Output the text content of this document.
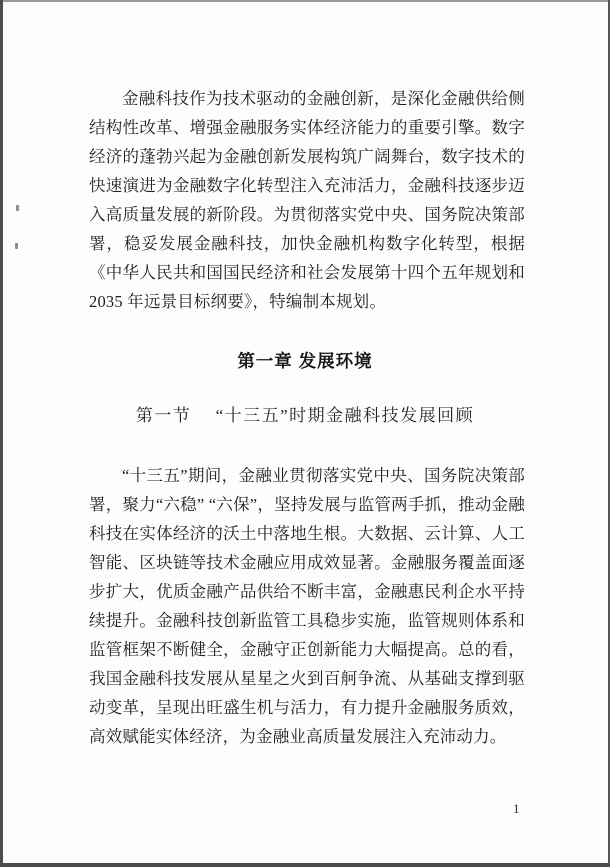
金融科技作为技术驱动的金融创新，是深化金融供给侧结构性改革、增强金融服务实体经济能力的重要引擎。数字经济的蓬勃兴起为金融创新发展构筑广阔舞台，数字技术的快速演进为金融数字化转型注入充沛活力，金融科技逐步迈入高质量发展的新阶段。为贯彻落实党中央、国务院决策部署，稳妥发展金融科技，加快金融机构数字化转型，根据《中华人民共和国国民经济和社会发展第十四个五年规划和 2035 年远景目标纲要》，特编制本规划。

第一章 发展环境
第一节　 “十三五”时期金融科技发展回顾

“十三五”期间，金融业贯彻落实党中央、国务院决策部署，聚力“六稳” “六保”，坚持发展与监管两手抓，推动金融科技在实体经济的沃土中落地生根。大数据、云计算、人工智能、区块链等技术金融应用成效显著。金融服务覆盖面逐步扩大，优质金融产品供给不断丰富，金融惠民利企水平持续提升。金融科技创新监管工具稳步实施，监管规则体系和监管框架不断健全，金融守正创新能力大幅提高。总的看，我国金融科技发展从星星之火到百舸争流、从基础支撑到驱动变革，呈现出旺盛生机与活力，有力提升金融服务质效，高效赋能实体经济，为金融业高质量发展注入充沛动力。

1
